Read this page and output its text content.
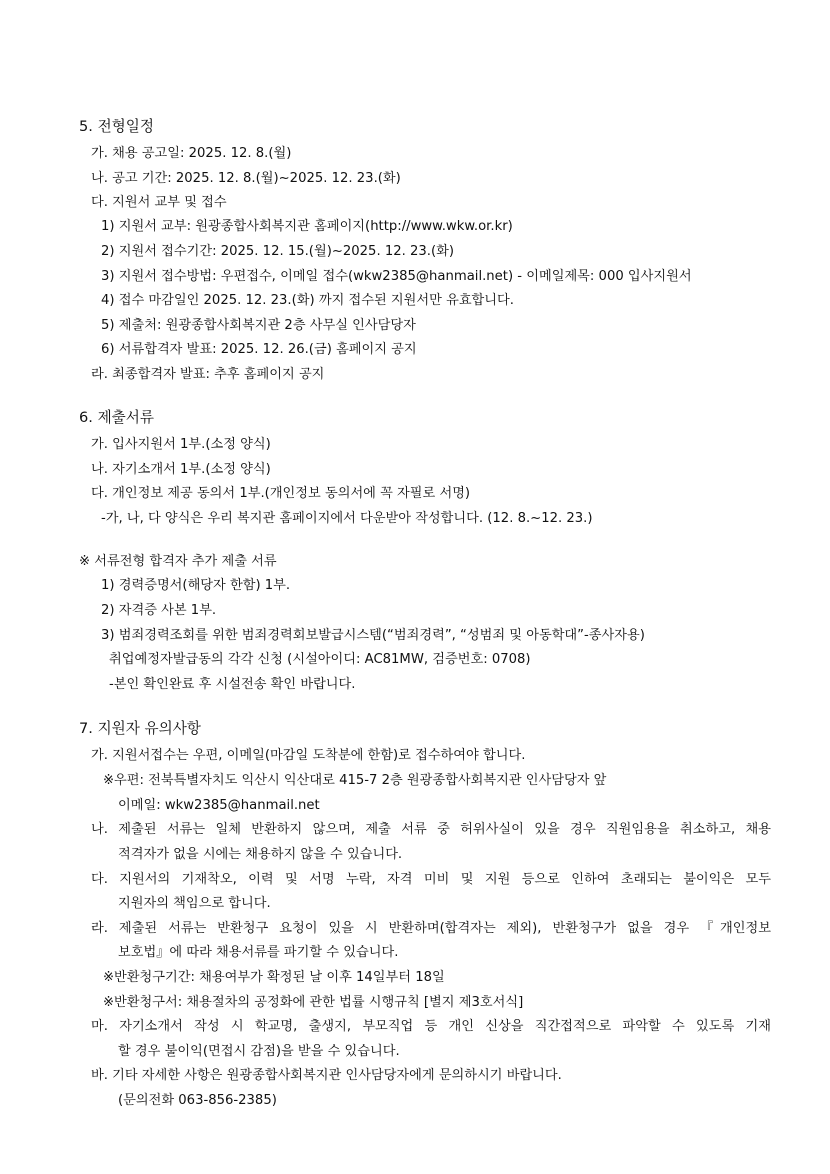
5. 전형일정
가. 채용 공고일: 2025. 12. 8.(월)
나. 공고 기간: 2025. 12. 8.(월)~2025. 12. 23.(화)
다. 지원서 교부 및 접수
1) 지원서 교부: 원광종합사회복지관 홈페이지(http://www.wkw.or.kr)
2) 지원서 접수기간: 2025. 12. 15.(월)~2025. 12. 23.(화)
3) 지원서 접수방법: 우편접수, 이메일 접수(wkw2385@hanmail.net) - 이메일제목: 000 입사지원서
4) 접수 마감일인 2025. 12. 23.(화) 까지 접수된 지원서만 유효합니다.
5) 제출처: 원광종합사회복지관 2층 사무실 인사담당자
6) 서류합격자 발표: 2025. 12. 26.(금) 홈페이지 공지
라. 최종합격자 발표: 추후 홈페이지 공지
6. 제출서류
가. 입사지원서 1부.(소정 양식)
나. 자기소개서 1부.(소정 양식)
다. 개인정보 제공 동의서 1부.(개인정보 동의서에 꼭 자필로 서명)
-가, 나, 다 양식은 우리 복지관 홈페이지에서 다운받아 작성합니다. (12. 8.~12. 23.)
※ 서류전형 합격자 추가 제출 서류
1) 경력증명서(해당자 한함) 1부.
2) 자격증 사본 1부.
3) 범죄경력조회를 위한 범죄경력회보발급시스템(“범죄경력”, “성범죄 및 아동학대”-종사자용)
취업예정자발급동의 각각 신청 (시설아이디: AC81MW, 검증번호: 0708)
-본인 확인완료 후 시설전송 확인 바랍니다.
7. 지원자 유의사항
가. 지원서접수는 우편, 이메일(마감일 도착분에 한함)로 접수하여야 합니다.
※우편: 전북특별자치도 익산시 익산대로 415-7 2층 원광종합사회복지관 인사담당자 앞
이메일: wkw2385@hanmail.net
나. 제출된 서류는 일체 반환하지 않으며, 제출 서류 중 허위사실이 있을 경우 직원임용을 취소하고, 채용
적격자가 없을 시에는 채용하지 않을 수 있습니다.
다. 지원서의 기재착오, 이력 및 서명 누락, 자격 미비 및 지원 등으로 인하여 초래되는 불이익은 모두
지원자의 책임으로 합니다.
라. 제출된 서류는 반환청구 요청이 있을 시 반환하며(합격자는 제외), 반환청구가 없을 경우 『개인정보
보호법』에 따라 채용서류를 파기할 수 있습니다.
※반환청구기간: 채용여부가 확정된 날 이후 14일부터 18일
※반환청구서: 채용절차의 공정화에 관한 법률 시행규칙 [별지 제3호서식]
마. 자기소개서 작성 시 학교명, 출생지, 부모직업 등 개인 신상을 직간접적으로 파악할 수 있도록 기재
할 경우 불이익(면접시 감점)을 받을 수 있습니다.
바. 기타 자세한 사항은 원광종합사회복지관 인사담당자에게 문의하시기 바랍니다.
(문의전화 063-856-2385)
